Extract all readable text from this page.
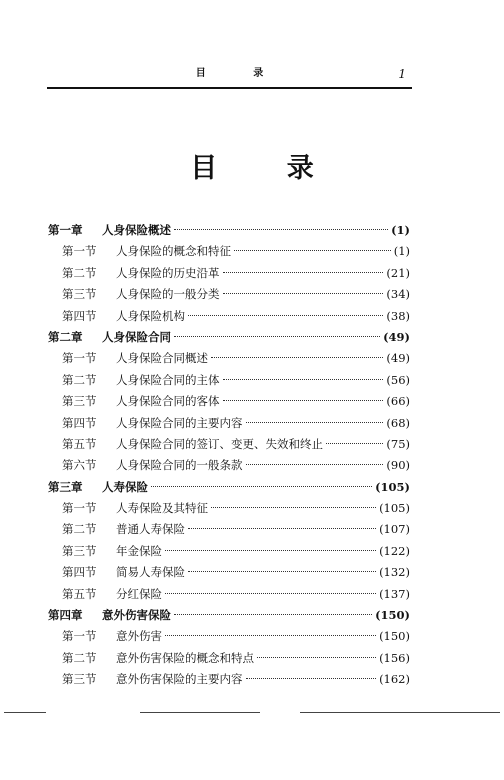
目 录	1
目 录
第一章	人身保险概述	(1)
第一节	人身保险的概念和特征	(1)
第二节	人身保险的历史沿革	(21)
第三节	人身保险的一般分类	(34)
第四节	人身保险机构	(38)
第二章	人身保险合同	(49)
第一节	人身保险合同概述	(49)
第二节	人身保险合同的主体	(56)
第三节	人身保险合同的客体	(66)
第四节	人身保险合同的主要内容	(68)
第五节	人身保险合同的签订、变更、失效和终止	(75)
第六节	人身保险合同的一般条款	(90)
第三章	人寿保险	(105)
第一节	人寿保险及其特征	(105)
第二节	普通人寿保险	(107)
第三节	年金保险	(122)
第四节	简易人寿保险	(132)
第五节	分红保险	(137)
第四章	意外伤害保险	(150)
第一节	意外伤害	(150)
第二节	意外伤害保险的概念和特点	(156)
第三节	意外伤害保险的主要内容	(162)
